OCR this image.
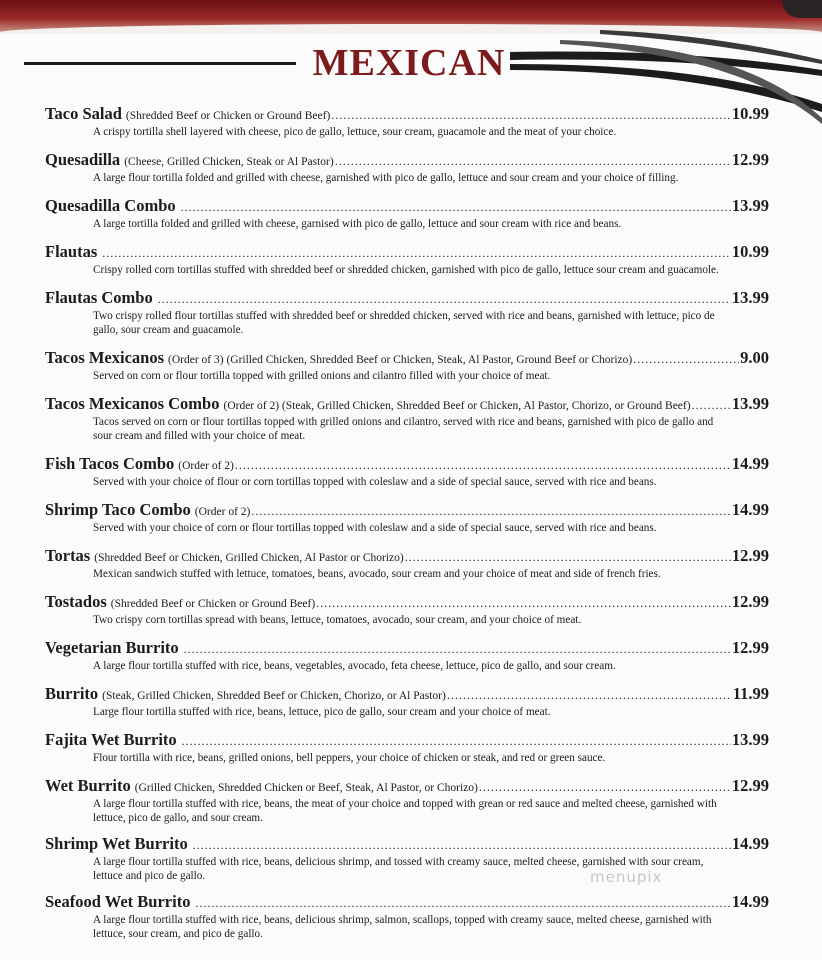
MEXICAN
Taco Salad (Shredded Beef or Chicken or Ground Beef) .....	10.99
A crispy tortilla shell layered with cheese, pico de gallo, lettuce, sour cream, guacamole and the meat of your choice.
Quesadilla (Cheese, Grilled Chicken, Steak or Al Pastor) .....	12.99
A large flour tortilla folded and grilled with cheese, garnished with pico de gallo, lettuce and sour cream and your choice of filling.
Quesadilla Combo .....	13.99
A large tortilla folded and grilled with cheese, garnised with pico de gallo, lettuce and sour cream with rice and beans.
Flautas .....	10.99
Crispy rolled corn tortillas stuffed with shredded beef or shredded chicken, garnished with pico de gallo, lettuce sour cream and guacamole.
Flautas Combo .....	13.99
Two crispy rolled flour tortillas stuffed with shredded beef or shredded chicken, served with rice and beans, garnished with lettuce, pico de gallo, sour cream and guacamole.
Tacos Mexicanos (Order of 3) (Grilled Chicken, Shredded Beef or Chicken, Steak, Al Pastor, Ground Beef or Chorizo) .....	9.00
Served on corn or flour tortilla topped with grilled onions and cilantro filled with your choice of meat.
Tacos Mexicanos Combo (Order of 2) (Steak, Grilled Chicken, Shredded Beef or Chicken, Al Pastor, Chorizo, or Ground Beef) .....	13.99
Tacos served on corn or flour tortillas topped with grilled onions and cilantro, served with rice and beans, garnished with pico de gallo and sour cream and filled with your choice of meat.
Fish Tacos Combo (Order of 2) .....	14.99
Served with your choice of flour or corn tortillas topped with coleslaw and a side of special sauce, served with rice and beans.
Shrimp Taco Combo (Order of 2) .....	14.99
Served with your choice of corn or flour tortillas topped with coleslaw and a side of special sauce, served with rice and beans.
Tortas (Shredded Beef or Chicken, Grilled Chicken, Al Pastor or Chorizo) .....	12.99
Mexican sandwich stuffed with lettuce, tomatoes, beans, avocado, sour cream and your choice of meat and side of french fries.
Tostados (Shredded Beef or Chicken or Ground Beef) .....	12.99
Two crispy corn tortillas spread with beans, lettuce, tomatoes, avocado, sour cream, and your choice of meat.
Vegetarian Burrito .....	12.99
A large flour tortilla stuffed with rice, beans, vegetables, avocado, feta cheese, lettuce, pico de gallo, and sour cream.
Burrito (Steak, Grilled Chicken, Shredded Beef or Chicken, Chorizo, or Al Pastor) .....	11.99
Large flour tortilla stuffed with rice, beans, lettuce, pico de gallo, sour cream and your choice of meat.
Fajita Wet Burrito .....	13.99
Flour tortilla with rice, beans, grilled onions, bell peppers, your choice of chicken or steak, and red or green sauce.
Wet Burrito (Grilled Chicken, Shredded Chicken or Beef, Steak, Al Pastor, or Chorizo) .....	12.99
A large flour tortilla stuffed with rice, beans, the meat of your choice and topped with grean or red sauce and melted cheese, garnished with lettuce, pico de gallo, and sour cream.
Shrimp Wet Burrito .....	14.99
A large flour tortilla stuffed with rice, beans, delicious shrimp, and tossed with creamy sauce, melted cheese, garnished with sour cream, lettuce and pico de gallo.
Seafood Wet Burrito .....	14.99
A large flour tortilla stuffed with rice, beans, delicious shrimp, salmon, scallops, topped with creamy sauce, melted cheese, garnished with lettuce, sour cream, and pico de gallo.
menupix
